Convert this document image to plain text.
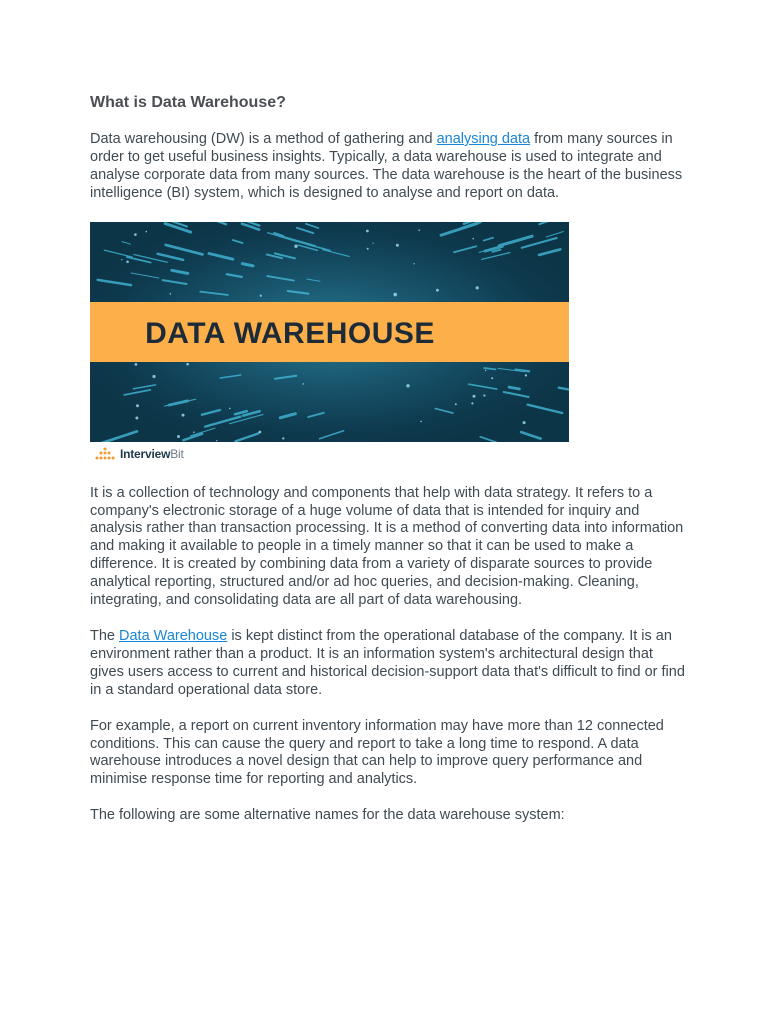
What is Data Warehouse?

Data warehousing (DW) is a method of gathering and analysing data from many sources in order to get useful business insights. Typically, a data warehouse is used to integrate and analyse corporate data from many sources. The data warehouse is the heart of the business intelligence (BI) system, which is designed to analyse and report on data.

DATA WAREHOUSE
InterviewBit

It is a collection of technology and components that help with data strategy. It refers to a company's electronic storage of a huge volume of data that is intended for inquiry and analysis rather than transaction processing. It is a method of converting data into information and making it available to people in a timely manner so that it can be used to make a difference. It is created by combining data from a variety of disparate sources to provide analytical reporting, structured and/or ad hoc queries, and decision-making. Cleaning, integrating, and consolidating data are all part of data warehousing.

The Data Warehouse is kept distinct from the operational database of the company. It is an environment rather than a product. It is an information system's architectural design that gives users access to current and historical decision-support data that's difficult to find or find in a standard operational data store.

For example, a report on current inventory information may have more than 12 connected conditions. This can cause the query and report to take a long time to respond. A data warehouse introduces a novel design that can help to improve query performance and minimise response time for reporting and analytics.

The following are some alternative names for the data warehouse system:
